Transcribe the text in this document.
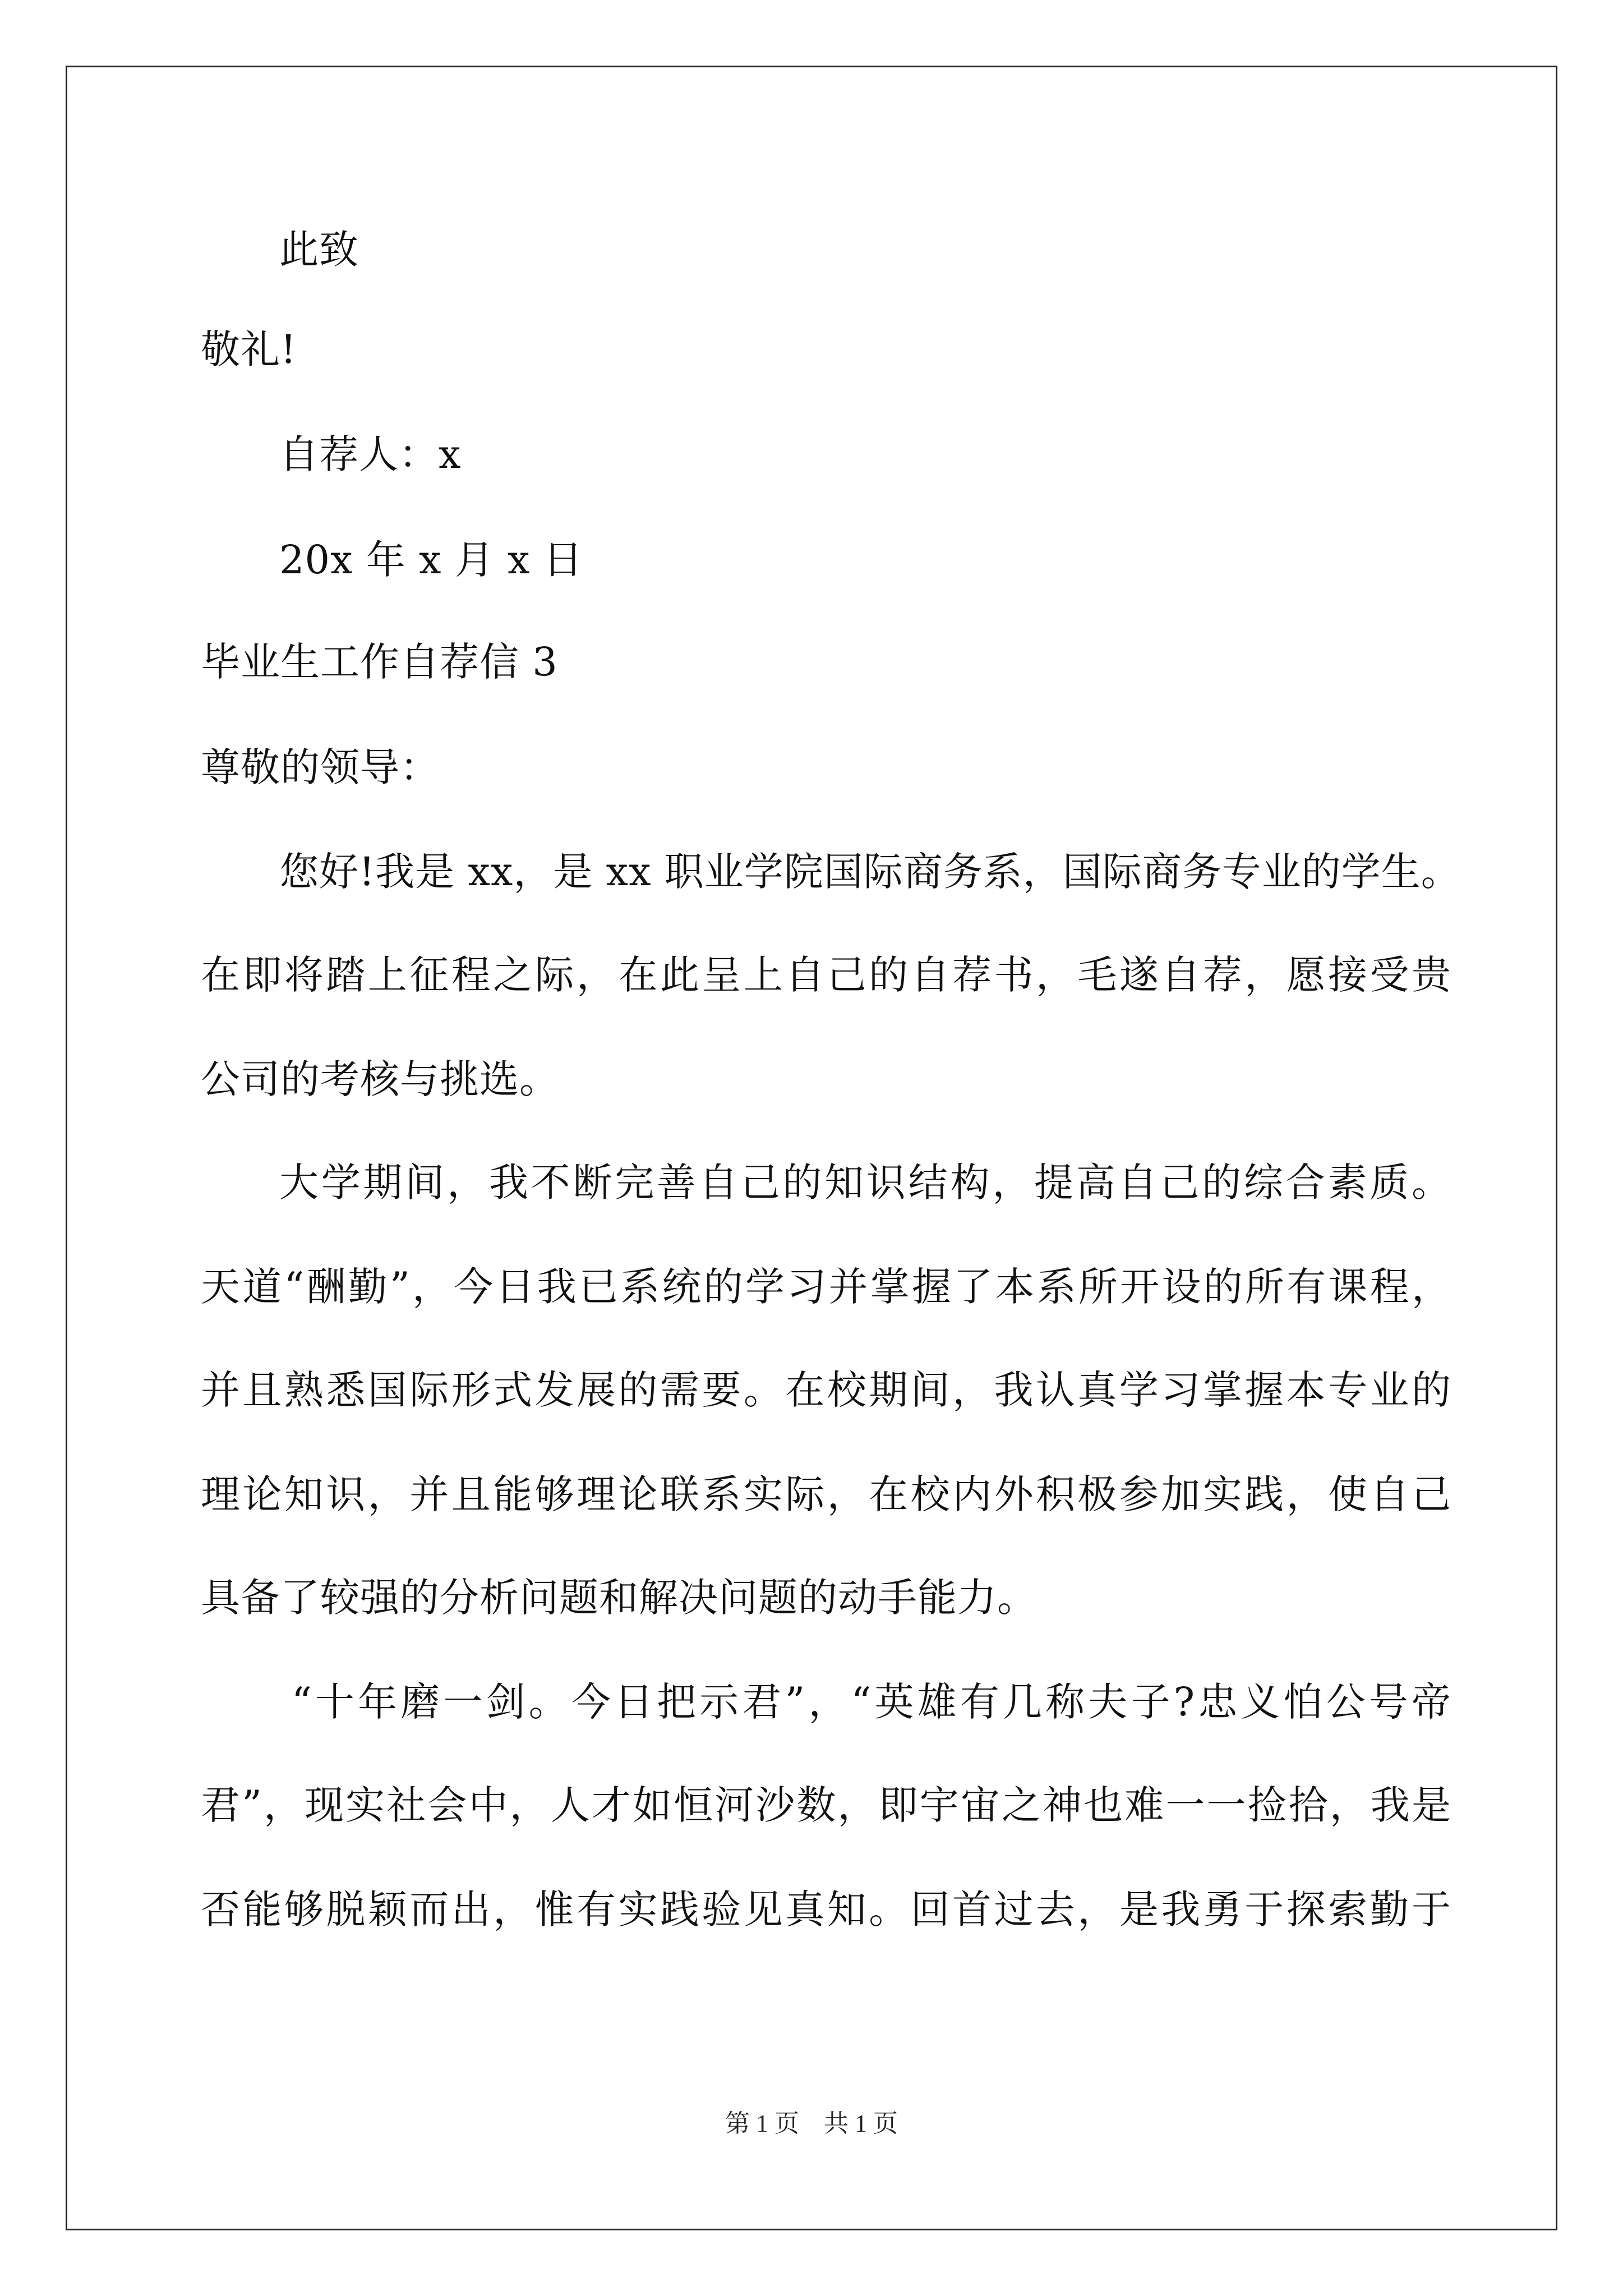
此致
敬礼!
自荐人：x
20x 年 x 月 x 日
毕业生工作自荐信 3
尊敬的领导：
您好!我是 xx，是 xx 职业学院国际商务系，国际商务专业的学生。
在即将踏上征程之际，在此呈上自己的自荐书，毛遂自荐，愿接受贵
公司的考核与挑选。
大学期间，我不断完善自己的知识结构，提高自己的综合素质。
天道“酬勤”，今日我已系统的学习并掌握了本系所开设的所有课程，
并且熟悉国际形式发展的需要。在校期间，我认真学习掌握本专业的
理论知识，并且能够理论联系实际，在校内外积极参加实践，使自己
具备了较强的分析问题和解决问题的动手能力。
“十年磨一剑。今日把示君”，“英雄有几称夫子?忠义怕公号帝
君”，现实社会中，人才如恒河沙数，即宇宙之神也难一一捡拾，我是
否能够脱颖而出，惟有实践验见真知。回首过去，是我勇于探索勤于
第 1 页　共 1 页
